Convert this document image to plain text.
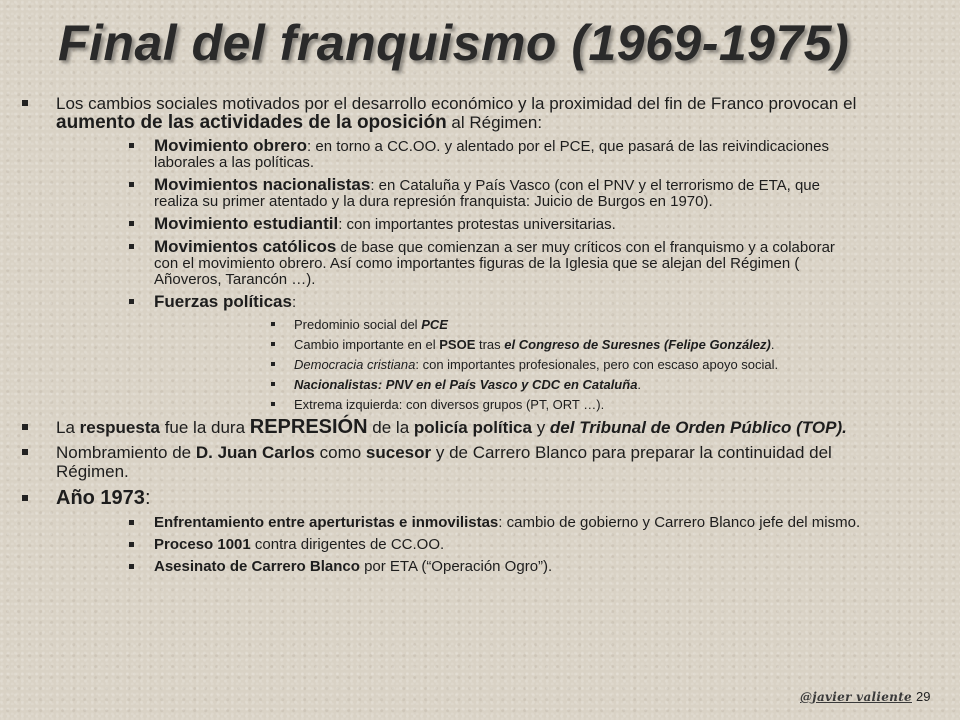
Final del franquismo (1969-1975)
Los cambios sociales motivados por el desarrollo económico y la proximidad del fin de Franco provocan el aumento de las actividades de la oposición al Régimen:
Movimiento obrero: en torno a CC.OO. y alentado por el PCE, que pasará de las reivindicaciones laborales a las políticas.
Movimientos nacionalistas: en Cataluña y País Vasco (con el PNV y el terrorismo de ETA, que realiza su primer atentado y la dura represión franquista: Juicio de Burgos en 1970).
Movimiento estudiantil: con importantes protestas universitarias.
Movimientos católicos de base que comienzan a ser muy críticos con el franquismo y a colaborar con el movimiento obrero. Así como importantes figuras de la Iglesia que se alejan del Régimen ( Añoveros, Tarancón …).
Fuerzas políticas:
Predominio social del PCE
Cambio importante en el PSOE tras el Congreso de Suresnes (Felipe González).
Democracia cristiana: con importantes profesionales, pero con escaso apoyo social.
Nacionalistas: PNV en el País Vasco y CDC en Cataluña.
Extrema izquierda: con diversos grupos (PT, ORT …).
La respuesta fue la dura REPRESIÓN de la policía política y del Tribunal de Orden Público (TOP).
Nombramiento de D. Juan Carlos como sucesor y de Carrero Blanco para preparar la continuidad del Régimen.
Año 1973:
Enfrentamiento entre aperturistas e inmovilistas: cambio de gobierno y Carrero Blanco jefe del mismo.
Proceso 1001 contra dirigentes de CC.OO.
Asesinato de Carrero Blanco por ETA (“Operación Ogro”).
@javier valiente 29
